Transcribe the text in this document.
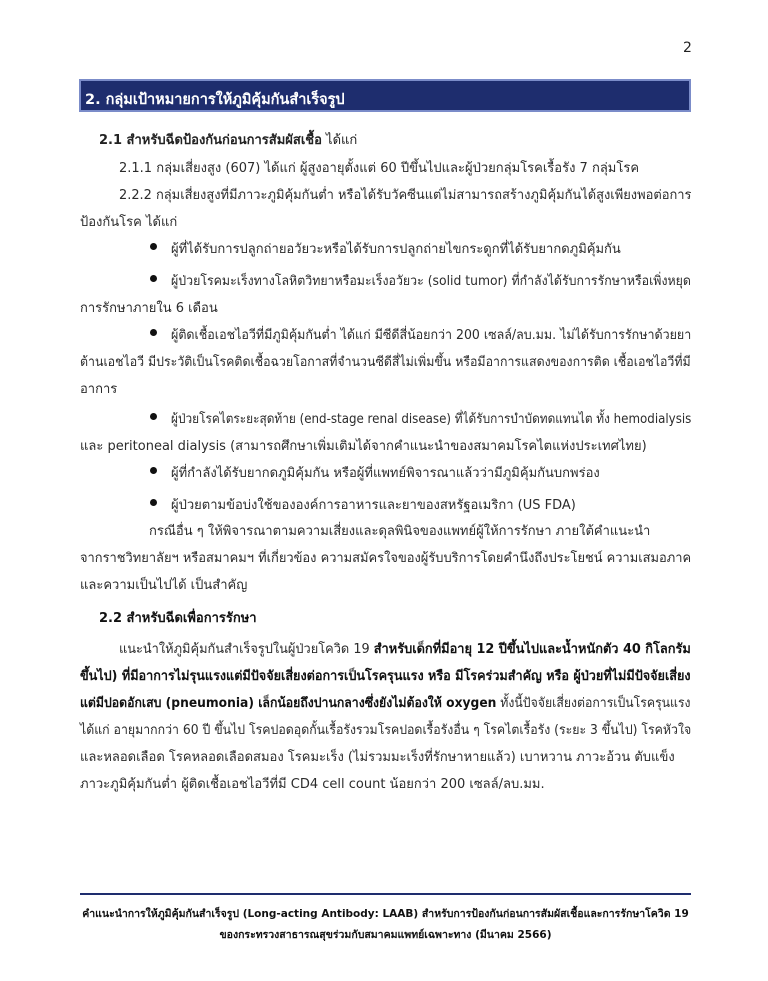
2
2. กลุ่มเป้าหมายการให้ภูมิคุ้มกันสำเร็จรูป
2.1 สำหรับฉีดป้องกันก่อนการสัมผัสเชื้อ ได้แก่
2.1.1 กลุ่มเสี่ยงสูง (607) ได้แก่ ผู้สูงอายุตั้งแต่ 60 ปีขึ้นไปและผู้ป่วยกลุ่มโรคเรื้อรัง 7 กลุ่มโรค
2.2.2 กลุ่มเสี่ยงสูงที่มีภาวะภูมิคุ้มกันต่ำ หรือได้รับวัคซีนแต่ไม่สามารถสร้างภูมิคุ้มกันได้สูงเพียงพอต่อการ
ป้องกันโรค ได้แก่
ผู้ที่ได้รับการปลูกถ่ายอวัยวะหรือได้รับการปลูกถ่ายไขกระดูกที่ได้รับยากดภูมิคุ้มกัน
ผู้ป่วยโรคมะเร็งทางโลหิตวิทยาหรือมะเร็งอวัยวะ (solid tumor) ที่กำลังได้รับการรักษาหรือเพิ่งหยุด
การรักษาภายใน 6 เดือน
ผู้ติดเชื้อเอชไอวีที่มีภูมิคุ้มกันต่ำ ได้แก่ มีซีดีสี่น้อยกว่า 200 เซลล์/ลบ.มม. ไม่ได้รับการรักษาด้วยยา
ต้านเอชไอวี มีประวัติเป็นโรคติดเชื้อฉวยโอกาสที่จำนวนซีดีสี่ไม่เพิ่มขึ้น หรือมีอาการแสดงของการติด เชื้อเอชไอวีที่มี
อาการ
ผู้ป่วยโรคไตระยะสุดท้าย (end-stage renal disease) ที่ได้รับการบำบัดทดแทนไต ทั้ง hemodialysis
และ peritoneal dialysis (สามารถศึกษาเพิ่มเติมได้จากคำแนะนำของสมาคมโรคไตแห่งประเทศไทย)
ผู้ที่กำลังได้รับยากดภูมิคุ้มกัน หรือผู้ที่แพทย์พิจารณาแล้วว่ามีภูมิคุ้มกันบกพร่อง
ผู้ป่วยตามข้อบ่งใช้ขององค์การอาหารและยาของสหรัฐอเมริกา (US FDA)
กรณีอื่น ๆ ให้พิจารณาตามความเสี่ยงและดุลพินิจของแพทย์ผู้ให้การรักษา ภายใต้คำแนะนำ
จากราชวิทยาลัยฯ หรือสมาคมฯ ที่เกี่ยวข้อง ความสมัครใจของผู้รับบริการโดยคำนึงถึงประโยชน์ ความเสมอภาค
และความเป็นไปได้ เป็นสำคัญ
2.2 สำหรับฉีดเพื่อการรักษา
แนะนำให้ภูมิคุ้มกันสำเร็จรูปในผู้ป่วยโควิด 19 สำหรับเด็กที่มีอายุ 12 ปีขึ้นไปและน้ำหนักตัว 40 กิโลกรัม
ขึ้นไป) ที่มีอาการไม่รุนแรงแต่มีปัจจัยเสี่ยงต่อการเป็นโรครุนแรง หรือ มีโรคร่วมสำคัญ หรือ ผู้ป่วยที่ไม่มีปัจจัยเสี่ยง
แต่มีปอดอักเสบ (pneumonia) เล็กน้อยถึงปานกลางซึ่งยังไม่ต้องให้ oxygen ทั้งนี้ปัจจัยเสี่ยงต่อการเป็นโรครุนแรง
ได้แก่ อายุมากกว่า 60 ปี ขึ้นไป โรคปอดอุดกั้นเรื้อรังรวมโรคปอดเรื้อรังอื่น ๆ โรคไตเรื้อรัง (ระยะ 3 ขึ้นไป) โรคหัวใจ
และหลอดเลือด โรคหลอดเลือดสมอง โรคมะเร็ง (ไม่รวมมะเร็งที่รักษาหายแล้ว) เบาหวาน ภาวะอ้วน ตับแข็ง
ภาวะภูมิคุ้มกันต่ำ ผู้ติดเชื้อเอชไอวีที่มี CD4 cell count น้อยกว่า 200 เซลล์/ลบ.มม.
คำแนะนำการให้ภูมิคุ้มกันสำเร็จรูป (Long-acting Antibody: LAAB) สำหรับการป้องกันก่อนการสัมผัสเชื้อและการรักษาโควิด 19
ของกระทรวงสาธารณสุขร่วมกับสมาคมแพทย์เฉพาะทาง (มีนาคม 2566)
